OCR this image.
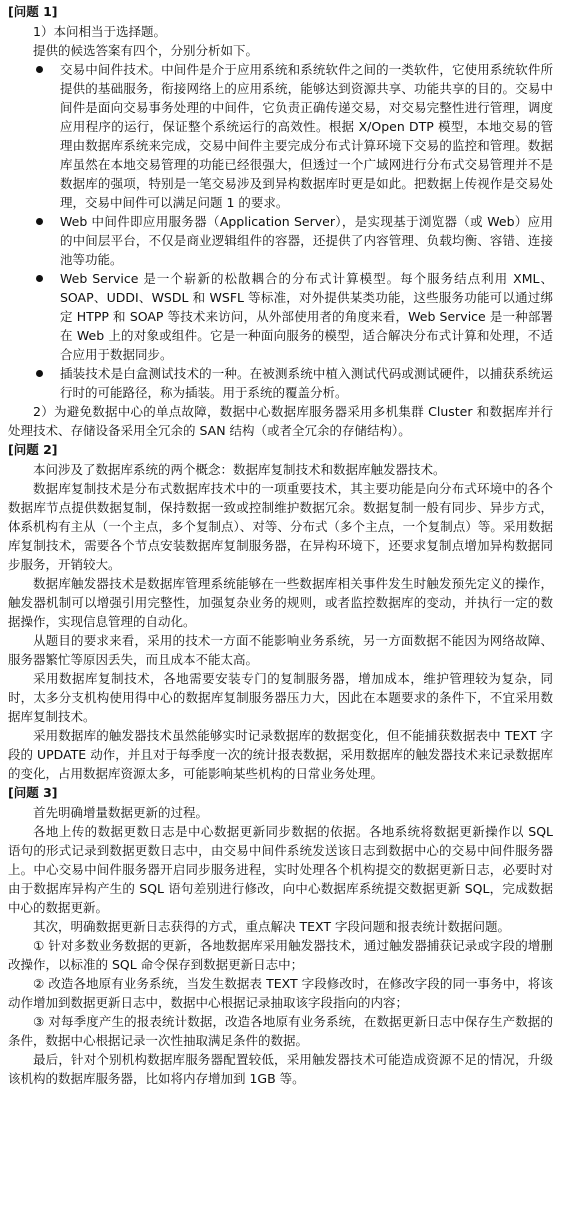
[问题 1]

1）本问相当于选择题。

提供的候选答案有四个，分别分析如下。

交易中间件技术。中间件是介于应用系统和系统软件之间的一类软件，它使用系统软件所提供的基础服务，衔接网络上的应用系统，能够达到资源共享、功能共享的目的。交易中间件是面向交易事务处理的中间件，它负责正确传递交易，对交易完整性进行管理，调度应用程序的运行，保证整个系统运行的高效性。根据 X/Open DTP 模型，本地交易的管理由数据库系统来完成，交易中间件主要完成分布式计算环境下交易的监控和管理。数据库虽然在本地交易管理的功能已经很强大，但透过一个广域网进行分布式交易管理并不是数据库的强项，特别是一笔交易涉及到异构数据库时更是如此。把数据上传视作是交易处理，交易中间件可以满足问题 1 的要求。
Web 中间件即应用服务器（Application Server），是实现基于浏览器（或 Web）应用的中间层平台，不仅是商业逻辑组件的容器，还提供了内容管理、负载均衡、容错、连接池等功能。
Web Service 是一个崭新的松散耦合的分布式计算模型。每个服务结点利用 XML、SOAP、UDDI、WSDL 和 WSFL 等标准，对外提供某类功能，这些服务功能可以通过绑定 HTPP 和 SOAP 等技术来访问，从外部使用者的角度来看，Web Service 是一种部署在 Web 上的对象或组件。它是一种面向服务的模型，适合解决分布式计算和处理，不适合应用于数据同步。
插装技术是白盒测试技术的一种。在被测系统中植入测试代码或测试硬件，以捕获系统运行时的可能路径，称为插装。用于系统的覆盖分析。

2）为避免数据中心的单点故障，数据中心数据库服务器采用多机集群 Cluster 和数据库并行处理技术、存储设备采用全冗余的 SAN 结构（或者全冗余的存储结构）。

[问题 2]

本问涉及了数据库系统的两个概念：数据库复制技术和数据库触发器技术。

数据库复制技术是分布式数据库技术中的一项重要技术，其主要功能是向分布式环境中的各个数据库节点提供数据复制，保持数据一致或控制维护数据冗余。数据复制一般有同步、异步方式，体系机构有主从（一个主点，多个复制点）、对等、分布式（多个主点，一个复制点）等。采用数据库复制技术，需要各个节点安装数据库复制服务器，在异构环境下，还要求复制点增加异构数据同步服务，开销较大。

数据库触发器技术是数据库管理系统能够在一些数据库相关事件发生时触发预先定义的操作，触发器机制可以增强引用完整性，加强复杂业务的规则，或者监控数据库的变动，并执行一定的数据操作，实现信息管理的自动化。

从题目的要求来看，采用的技术一方面不能影响业务系统，另一方面数据不能因为网络故障、服务器繁忙等原因丢失，而且成本不能太高。

采用数据库复制技术，各地需要安装专门的复制服务器，增加成本，维护管理较为复杂，同时，太多分支机构使用得中心的数据库复制服务器压力大，因此在本题要求的条件下，不宜采用数据库复制技术。

采用数据库的触发器技术虽然能够实时记录数据库的数据变化，但不能捕获数据表中 TEXT 字段的 UPDATE 动作，并且对于每季度一次的统计报表数据，采用数据库的触发器技术来记录数据库的变化，占用数据库资源太多，可能影响某些机构的日常业务处理。

[问题 3]

首先明确增量数据更新的过程。

各地上传的数据更数日志是中心数据更新同步数据的依据。各地系统将数据更新操作以 SQL 语句的形式记录到数据更数日志中，由交易中间件系统发送该日志到数据中心的交易中间件服务器上。中心交易中间件服务器开启同步服务进程，实时处理各个机构提交的数据更新日志，必要时对由于数据库异构产生的 SQL 语句差别进行修改，向中心数据库系统提交数据更新 SQL，完成数据中心的数据更新。

其次，明确数据更新日志获得的方式，重点解决 TEXT 字段问题和报表统计数据问题。

① 针对多数业务数据的更新，各地数据库采用触发器技术，通过触发器捕获记录或字段的增删改操作，以标准的 SQL 命令保存到数据更新日志中；

② 改造各地原有业务系统，当发生数据表 TEXT 字段修改时，在修改字段的同一事务中，将该动作增加到数据更新日志中，数据中心根据记录抽取该字段指向的内容；

③ 对每季度产生的报表统计数据，改造各地原有业务系统，在数据更新日志中保存生产数据的条件，数据中心根据记录一次性抽取满足条件的数据。

最后，针对个别机构数据库服务器配置较低，采用触发器技术可能造成资源不足的情况，升级该机构的数据库服务器，比如将内存增加到 1GB 等。
